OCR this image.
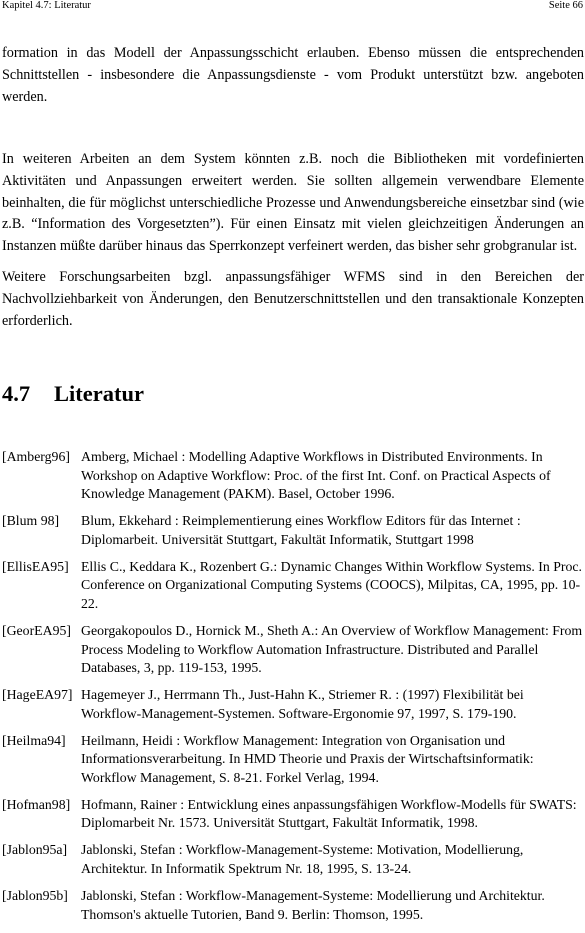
Kapitel 4.7: Literatur	Seite 66

formation in das Modell der Anpassungsschicht erlauben. Ebenso müssen die entsprechenden Schnittstellen - insbesondere die Anpassungsdienste - vom Produkt unterstützt bzw. angeboten werden.

In weiteren Arbeiten an dem System könnten z.B. noch die Bibliotheken mit vordefinierten Aktivitäten und Anpassungen erweitert werden. Sie sollten allgemein verwendbare Elemente beinhalten, die für möglichst unterschiedliche Prozesse und Anwendungsbereiche einsetzbar sind (wie z.B. “Information des Vorgesetzten”). Für einen Einsatz mit vielen gleichzeitigen Änderungen an Instanzen müßte darüber hinaus das Sperrkonzept verfeinert werden, das bisher sehr grobgranular ist.

Weitere Forschungsarbeiten bzgl. anpassungsfähiger WFMS sind in den Bereichen der Nachvollziehbarkeit von Änderungen, den Benutzerschnittstellen und den transaktionale Konzepten erforderlich.

4.7 Literatur
[Amberg96] Amberg, Michael : Modelling Adaptive Workflows in Distributed Environments. In Workshop on Adaptive Workflow: Proc. of the first Int. Conf. on Practical Aspects of Knowledge Management (PAKM). Basel, October 1996.
[Blum 98]	Blum, Ekkehard : Reimplementierung eines Workflow Editors für das Internet : Diplomarbeit. Universität Stuttgart, Fakultät Informatik, Stuttgart 1998
[EllisEA95] Ellis C., Keddara K., Rozenbert G.: Dynamic Changes Within Workflow Systems. In Proc. Conference on Organizational Computing Systems (COOCS), Milpitas, CA, 1995, pp. 10-22.
[GeorEA95] Georgakopoulos D., Hornick M., Sheth A.: An Overview of Workflow Management: From Process Modeling to Workflow Automation Infrastructure. Distributed and Parallel Databases, 3, pp. 119-153, 1995.
[HageEA97] Hagemeyer J., Herrmann Th., Just-Hahn K., Striemer R. : (1997) Flexibilität bei Workflow-Management-Systemen. Software-Ergonomie 97, 1997, S. 179-190.
[Heilma94]	Heilmann, Heidi : Workflow Management: Integration von Organisation und Informationsverarbeitung. In HMD Theorie und Praxis der Wirtschaftsinformatik: Workflow Management, S. 8-21. Forkel Verlag, 1994.
[Hofman98] Hofmann, Rainer : Entwicklung eines anpassungsfähigen Workflow-Modells für SWATS: Diplomarbeit Nr. 1573. Universität Stuttgart, Fakultät Informatik, 1998.
[Jablon95a]	Jablonski, Stefan : Workflow-Management-Systeme: Motivation, Modellierung, Architektur. In Informatik Spektrum Nr. 18, 1995, S. 13-24.
[Jablon95b] Jablonski, Stefan : Workflow-Management-Systeme: Modellierung und Architektur. Thomson's aktuelle Tutorien, Band 9. Berlin: Thomson, 1995.
